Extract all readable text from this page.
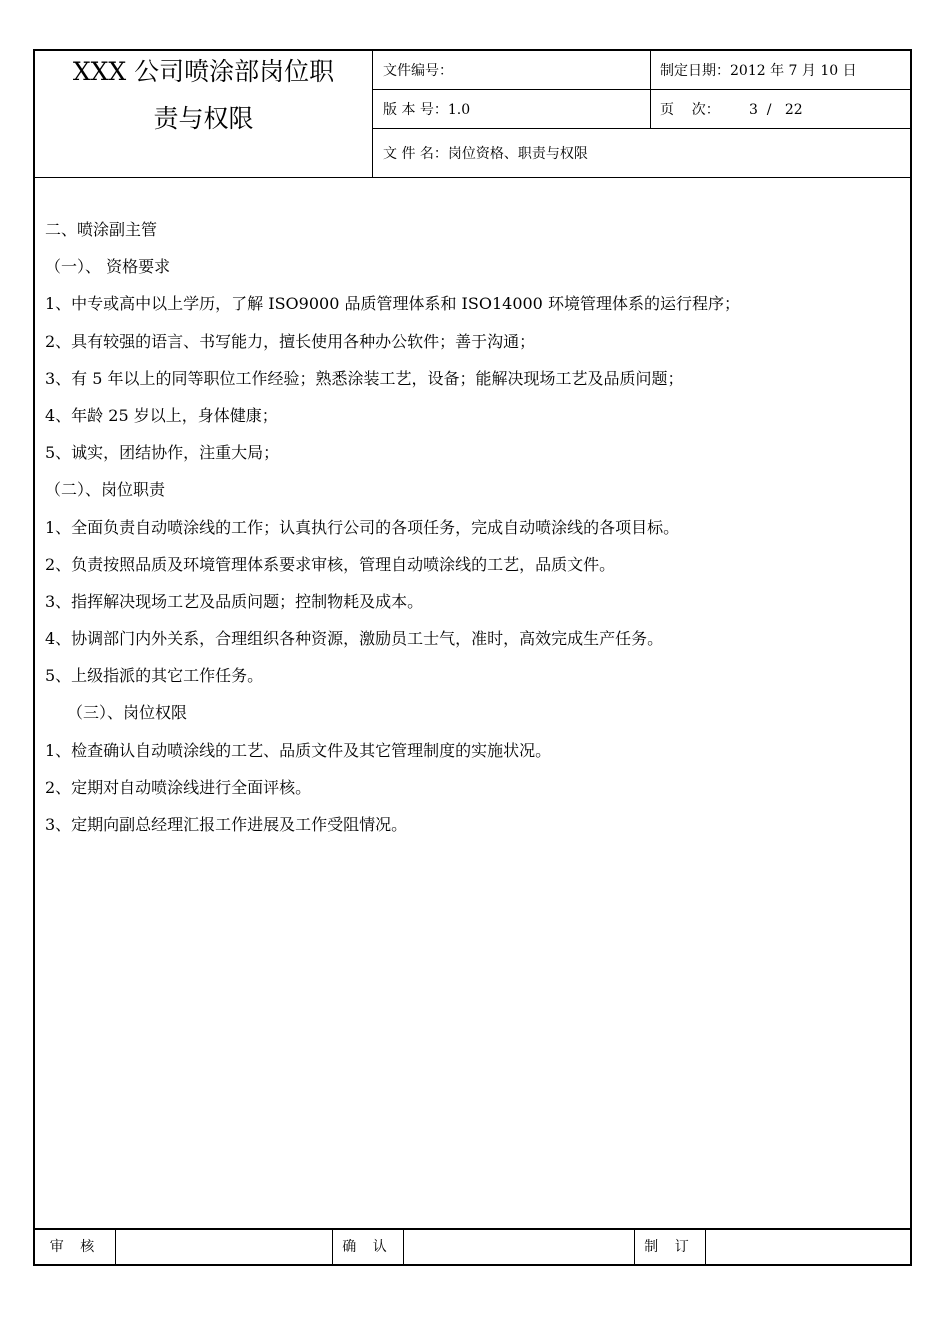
XXX 公司喷涂部岗位职
责与权限
文件编号：	制定日期：2012 年 7 月 10 日
版 本 号：1.0	页    次： 3  /   22
文 件 名：岗位资格、职责与权限
二、喷涂副主管
（一）、 资格要求
1、中专或高中以上学历，了解 ISO9000 品质管理体系和 ISO14000 环境管理体系的运行程序；
2、具有较强的语言、书写能力，擅长使用各种办公软件；善于沟通；
3、有 5 年以上的同等职位工作经验；熟悉涂装工艺，设备；能解决现场工艺及品质问题；
4、年龄 25 岁以上，身体健康；
5、诚实，团结协作，注重大局；
（二）、岗位职责
1、全面负责自动喷涂线的工作；认真执行公司的各项任务，完成自动喷涂线的各项目标。
2、负责按照品质及环境管理体系要求审核，管理自动喷涂线的工艺，品质文件。
3、指挥解决现场工艺及品质问题；控制物耗及成本。
4、协调部门内外关系，合理组织各种资源，激励员工士气，准时，高效完成生产任务。
5、上级指派的其它工作任务。
（三）、岗位权限
1、检查确认自动喷涂线的工艺、品质文件及其它管理制度的实施状况。
2、定期对自动喷涂线进行全面评核。
3、定期向副总经理汇报工作进展及工作受阻情况。
审 核	确 认	制 订
